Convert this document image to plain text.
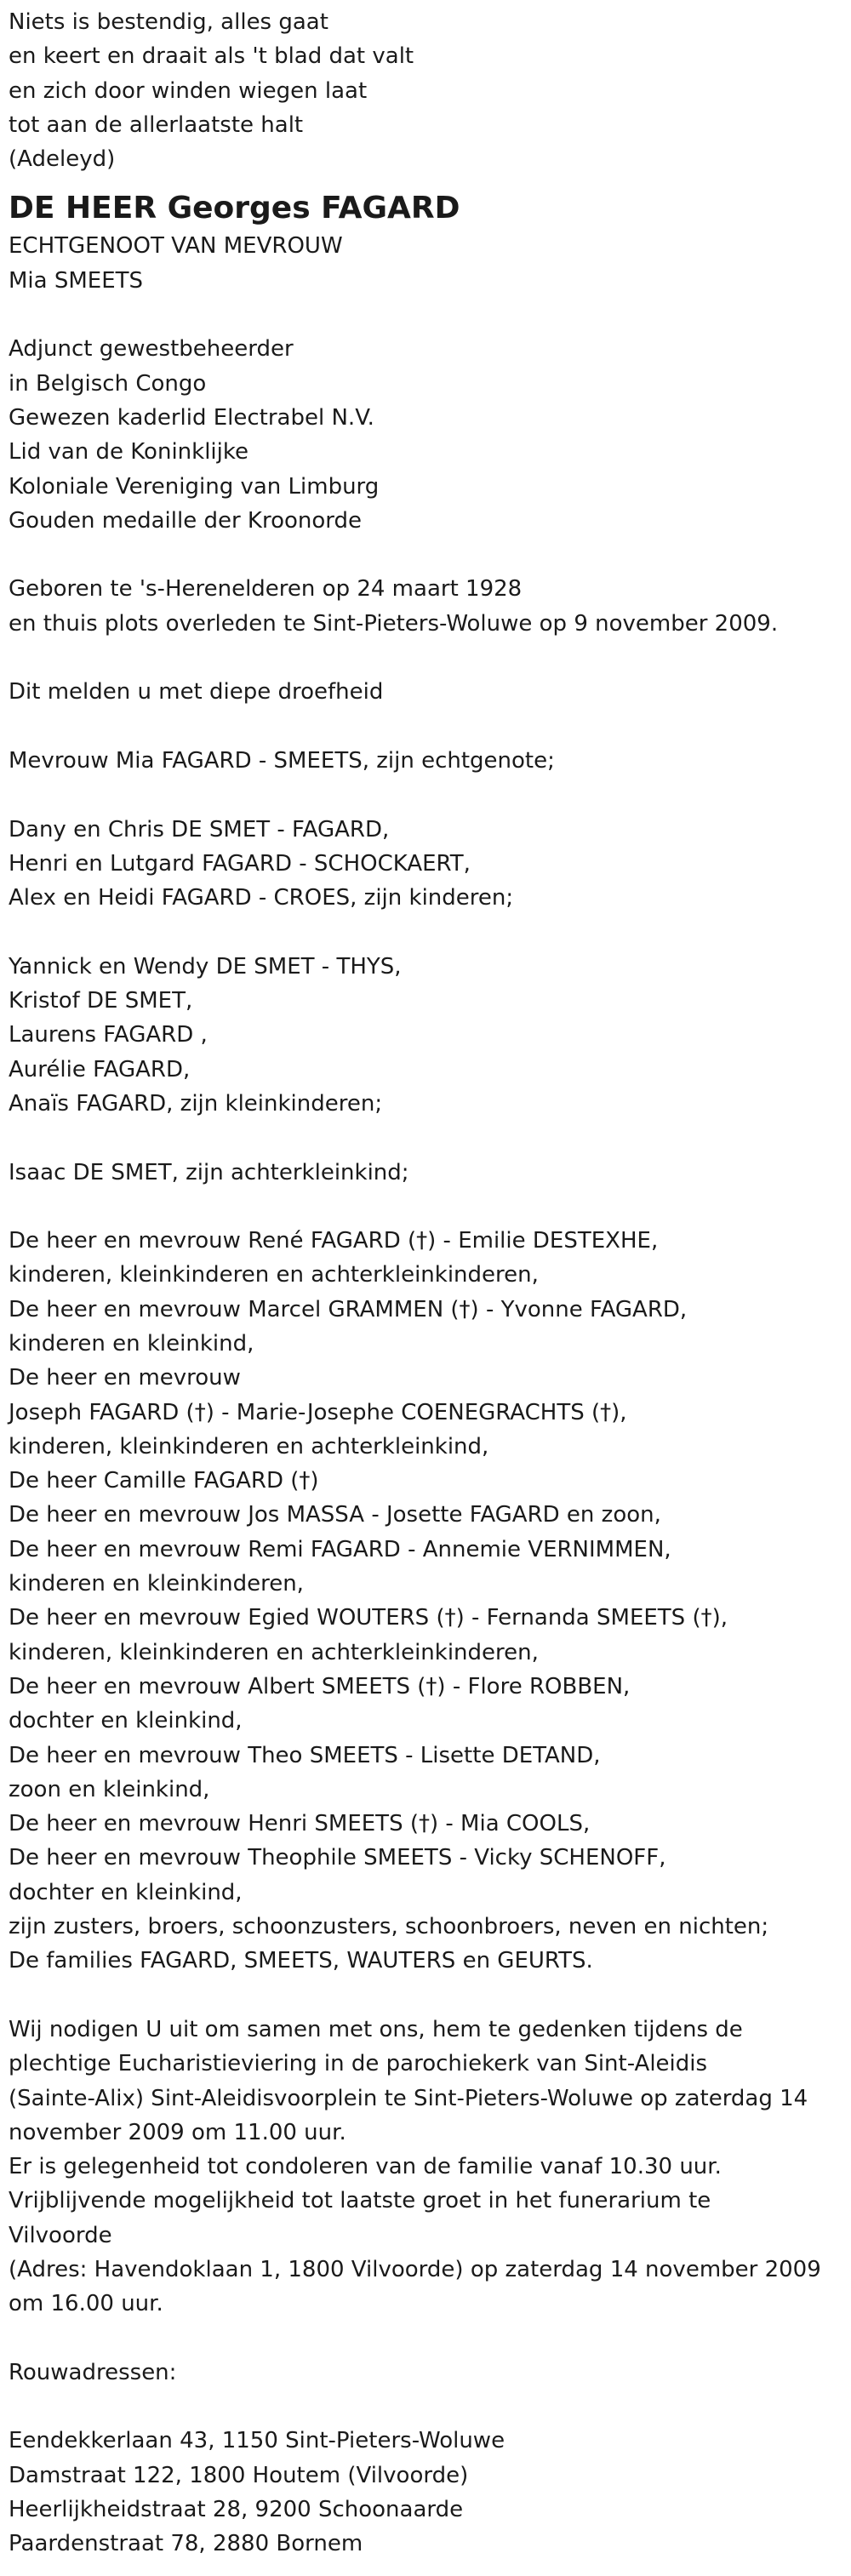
Niets is bestendig, alles gaat

en keert en draait als 't blad dat valt

en zich door winden wiegen laat

tot aan de allerlaatste halt

(Adeleyd)

DE HEER Georges FAGARD

ECHTGENOOT VAN MEVROUW

Mia SMEETS

Adjunct gewestbeheerder

in Belgisch Congo

Gewezen kaderlid Electrabel N.V.

Lid van de Koninklijke

Koloniale Vereniging van Limburg

Gouden medaille der Kroonorde

Geboren te 's-Herenelderen op 24 maart 1928

en thuis plots overleden te Sint-Pieters-Woluwe op 9 november 2009.

Dit melden u met diepe droefheid

Mevrouw Mia FAGARD - SMEETS, zijn echtgenote;

Dany en Chris DE SMET - FAGARD,

Henri en Lutgard FAGARD - SCHOCKAERT,

Alex en Heidi FAGARD - CROES, zijn kinderen;

Yannick en Wendy DE SMET - THYS,

Kristof DE SMET,

Laurens FAGARD ,

Aurélie FAGARD,

Anaïs FAGARD, zijn kleinkinderen;

Isaac DE SMET, zijn achterkleinkind;

De heer en mevrouw René FAGARD (†) - Emilie DESTEXHE,

kinderen, kleinkinderen en achterkleinkinderen,

De heer en mevrouw Marcel GRAMMEN (†) - Yvonne FAGARD,

kinderen en kleinkind,

De heer en mevrouw

Joseph FAGARD (†) - Marie-Josephe COENEGRACHTS (†),

kinderen, kleinkinderen en achterkleinkind,

De heer Camille FAGARD (†)

De heer en mevrouw Jos MASSA - Josette FAGARD en zoon,

De heer en mevrouw Remi FAGARD - Annemie VERNIMMEN,

kinderen en kleinkinderen,

De heer en mevrouw Egied WOUTERS (†) - Fernanda SMEETS (†),

kinderen, kleinkinderen en achterkleinkinderen,

De heer en mevrouw Albert SMEETS (†) - Flore ROBBEN,

dochter en kleinkind,

De heer en mevrouw Theo SMEETS - Lisette DETAND,

zoon en kleinkind,

De heer en mevrouw Henri SMEETS (†) - Mia COOLS,

De heer en mevrouw Theophile SMEETS - Vicky SCHENOFF,

dochter en kleinkind,

zijn zusters, broers, schoonzusters, schoonbroers, neven en nichten;

De families FAGARD, SMEETS, WAUTERS en GEURTS.

Wij nodigen U uit om samen met ons, hem te gedenken tijdens de

plechtige Eucharistieviering in de parochiekerk van Sint-Aleidis

(Sainte-Alix) Sint-Aleidisvoorplein te Sint-Pieters-Woluwe op zaterdag 14

november 2009 om 11.00 uur.

Er is gelegenheid tot condoleren van de familie vanaf 10.30 uur.

Vrijblijvende mogelijkheid tot laatste groet in het funerarium te

Vilvoorde

(Adres: Havendoklaan 1, 1800 Vilvoorde) op zaterdag 14 november 2009

om 16.00 uur.

Rouwadressen:

Eendekkerlaan 43, 1150 Sint-Pieters-Woluwe

Damstraat 122, 1800 Houtem (Vilvoorde)

Heerlijkheidstraat 28, 9200 Schoonaarde

Paardenstraat 78, 2880 Bornem
